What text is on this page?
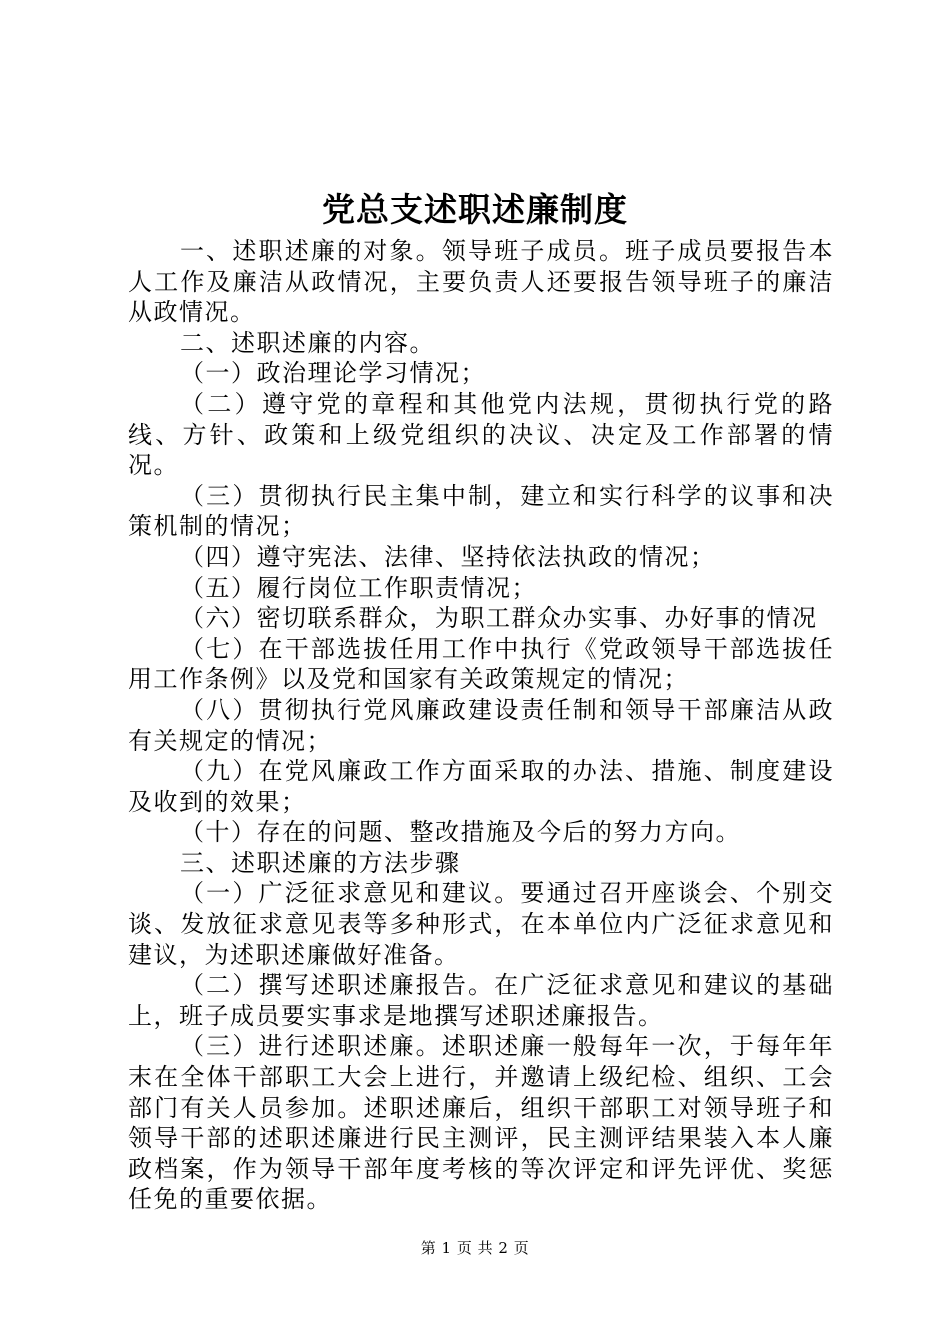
党总支述职述廉制度

一、述职述廉的对象。领导班子成员。班子成员要报告本人工作及廉洁从政情况，主要负责人还要报告领导班子的廉洁从政情况。

二、述职述廉的内容。

（一）政治理论学习情况；

（二）遵守党的章程和其他党内法规，贯彻执行党的路线、方针、政策和上级党组织的决议、决定及工作部署的情况。

（三）贯彻执行民主集中制，建立和实行科学的议事和决策机制的情况；

（四）遵守宪法、法律、坚持依法执政的情况；

（五）履行岗位工作职责情况；

（六）密切联系群众，为职工群众办实事、办好事的情况

（七）在干部选拔任用工作中执行《党政领导干部选拔任用工作条例》以及党和国家有关政策规定的情况；

（八）贯彻执行党风廉政建设责任制和领导干部廉洁从政有关规定的情况；

（九）在党风廉政工作方面采取的办法、措施、制度建设及收到的效果；

（十）存在的问题、整改措施及今后的努力方向。

三、述职述廉的方法步骤

（一）广泛征求意见和建议。要通过召开座谈会、个别交谈、发放征求意见表等多种形式，在本单位内广泛征求意见和建议，为述职述廉做好准备。

（二）撰写述职述廉报告。在广泛征求意见和建议的基础上，班子成员要实事求是地撰写述职述廉报告。

（三）进行述职述廉。述职述廉一般每年一次，于每年年末在全体干部职工大会上进行，并邀请上级纪检、组织、工会部门有关人员参加。述职述廉后，组织干部职工对领导班子和领导干部的述职述廉进行民主测评，民主测评结果装入本人廉政档案，作为领导干部年度考核的等次评定和评先评优、奖惩任免的重要依据。

第 1 页 共 2 页
